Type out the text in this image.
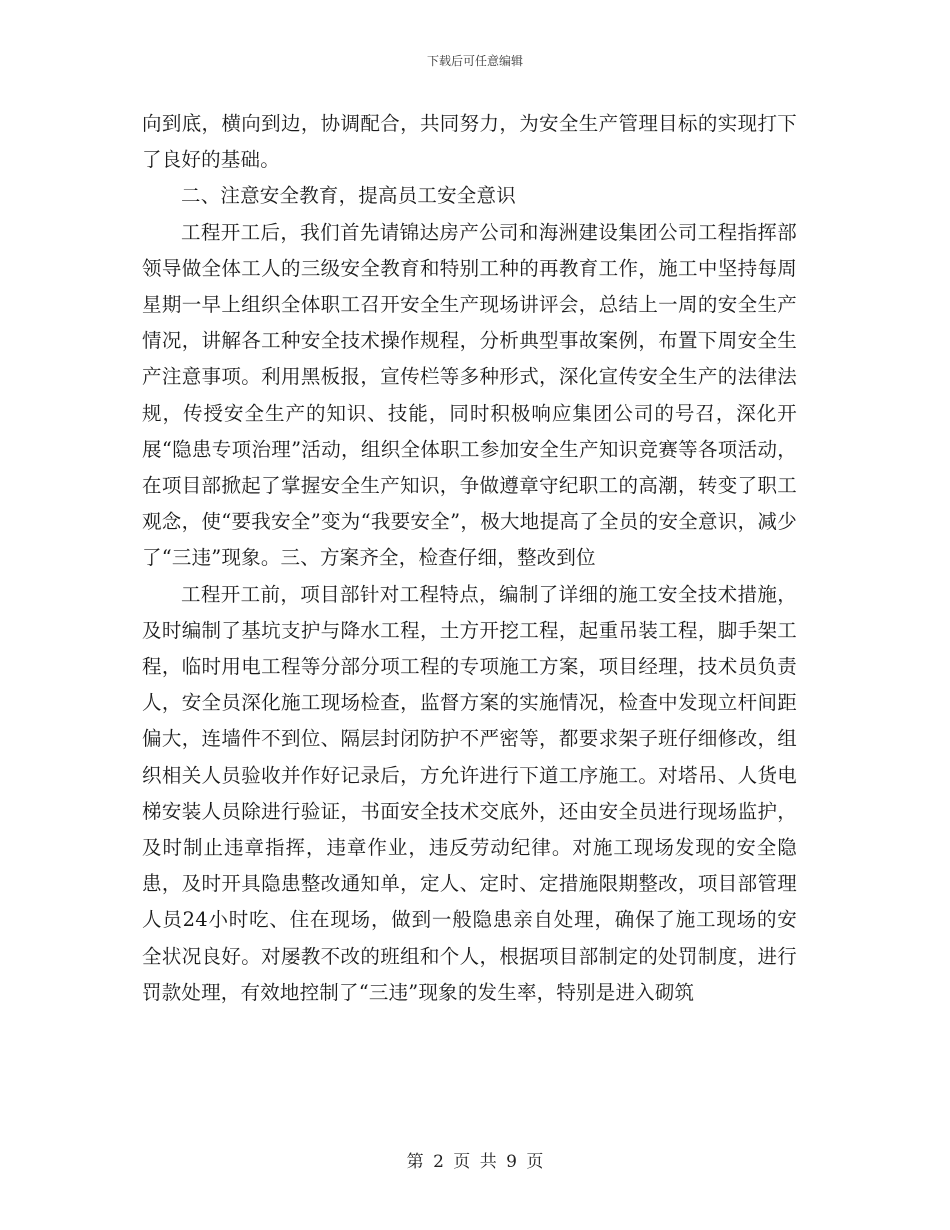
下载后可任意编辑

向到底，横向到边，协调配合，共同努力，为安全生产管理目标的实现打下了良好的基础。

二、注意安全教育，提高员工安全意识

工程开工后，我们首先请锦达房产公司和海洲建设集团公司工程指挥部领导做全体工人的三级安全教育和特别工种的再教育工作，施工中坚持每周星期一早上组织全体职工召开安全生产现场讲评会，总结上一周的安全生产情况，讲解各工种安全技术操作规程，分析典型事故案例，布置下周安全生产注意事项。利用黑板报，宣传栏等多种形式，深化宣传安全生产的法律法规，传授安全生产的知识、技能，同时积极响应集团公司的号召，深化开展“隐患专项治理”活动，组织全体职工参加安全生产知识竞赛等各项活动，在项目部掀起了掌握安全生产知识，争做遵章守纪职工的高潮，转变了职工观念，使“要我安全”变为“我要安全”，极大地提高了全员的安全意识，减少了“三违”现象。三、方案齐全，检查仔细，整改到位

工程开工前，项目部针对工程特点，编制了详细的施工安全技术措施，及时编制了基坑支护与降水工程，土方开挖工程，起重吊装工程，脚手架工程，临时用电工程等分部分项工程的专项施工方案，项目经理，技术员负责人，安全员深化施工现场检查，监督方案的实施情况，检查中发现立杆间距偏大，连墙件不到位、隔层封闭防护不严密等，都要求架子班仔细修改，组织相关人员验收并作好记录后，方允许进行下道工序施工。对塔吊、人货电梯安装人员除进行验证，书面安全技术交底外，还由安全员进行现场监护，及时制止违章指挥，违章作业，违反劳动纪律。对施工现场发现的安全隐患，及时开具隐患整改通知单，定人、定时、定措施限期整改，项目部管理人员24小时吃、住在现场，做到一般隐患亲自处理，确保了施工现场的安全状况良好。对屡教不改的班组和个人，根据项目部制定的处罚制度，进行罚款处理，有效地控制了“三违”现象的发生率，特别是进入砌筑

第 2 页 共 9 页
